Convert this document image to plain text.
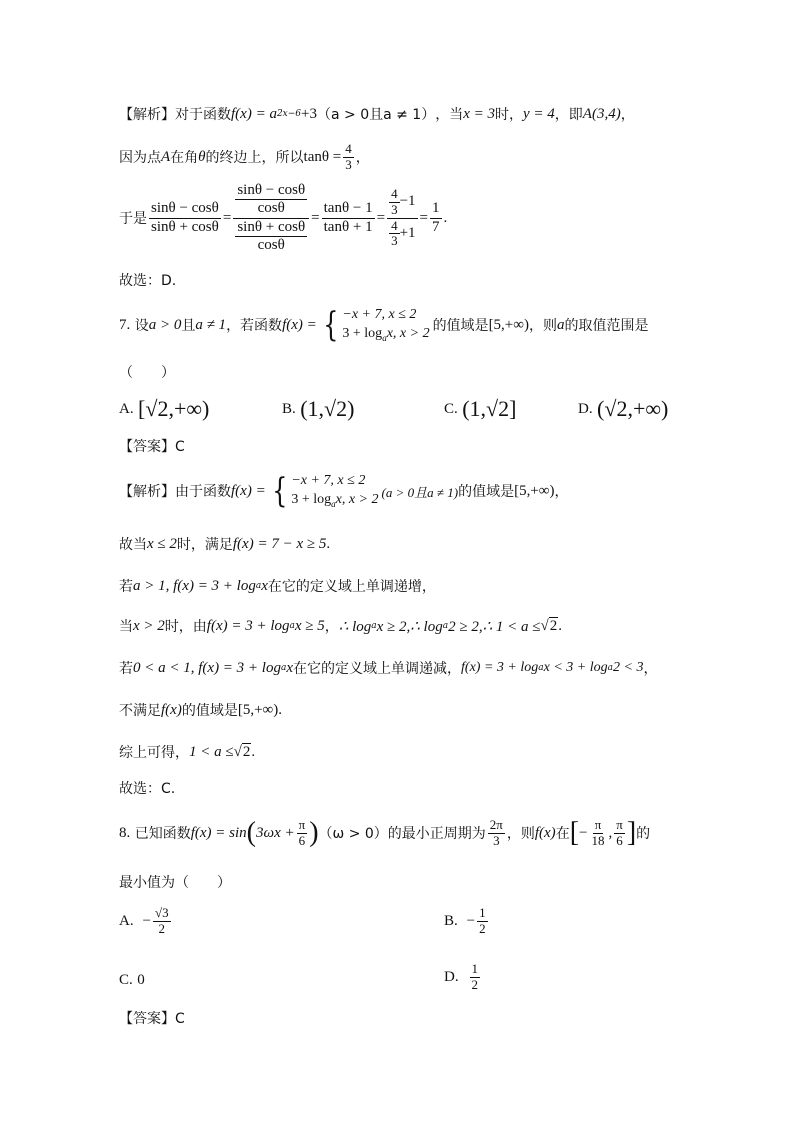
【解析】 对于函数 f(x) = a 2x−6 +3 （a > 0且a ≠ 1） ，当 x = 3 时， y = 4 ，即 A(3,4) ，
因为点 A 在角 θ 的终边上，所以 $\tan\theta = \frac{4}{3}$ ，
于是 $\frac{\sin\theta - \cos\theta}{\sin\theta + \cos\theta} = \frac{\frac{\sin\theta - \cos\theta}{\cos\theta}}{\frac{\sin\theta + \cos\theta}{\cos\theta}} = \frac{\tan\theta - 1}{\tan\theta + 1} = \frac{\frac{4}{3} -1}{\frac{4}{3} +1} = \frac{1}{7}$ .
故选：D.
7.
设 a > 0 且 a ≠ 1 ，若函数 f(x) = { −x + 7, x ≤ 2
$3 + \log_ax$, x > 2 的值域是 [5,+∞) ，则 a 的取值范围是
（　　）
A.
[√2,+∞)	B.
(1,√2)	C.
(1,√2]	D.
(√2,+∞)
【答案】C
【解析】 由于函数 f(x) = { −x + 7, x ≤ 2
$3 + \log_ax$, x > 2 (a > 0且a ≠ 1) 的值域是 [5,+∞) ，
故当 x ≤ 2 时，满足 f(x) = 7 − x ≥ 5 .
若 a > 1, f(x) = 3 + log a x 在它的定义域上单调递增，
当 x > 2 时，由 f(x) = 3 + log a x ≥ 5 ， ∴ log a x ≥ 2,∴ log a 2 ≥ 2,∴ 1 < a ≤ √ 2 .
若 0 < a < 1, f(x) = 3 + log a x 在它的定义域上单调递减， f(x) = 3 + log a x < 3 + log a 2 < 3 ，
不满足 f(x) 的值域是 [5,+∞).
综上可得， 1 < a ≤ √ 2 .
故选：C.
8.
已知函数 f(x) = sin ( $3\omega x + \frac{\pi}{6}$ ) （ω > 0） 的最小正周期为 $\frac{2\pi}{3}$ ，则 f(x) 在 [ − $\frac{\pi}{18}$ , $\frac{\pi}{6}$ ] 的
最小值为（　　）
A.
− $\frac{√3}{2}$	B.
− $\frac{1}{2}$
C.
0	D.
$\frac{1}{2}$
【答案】C
